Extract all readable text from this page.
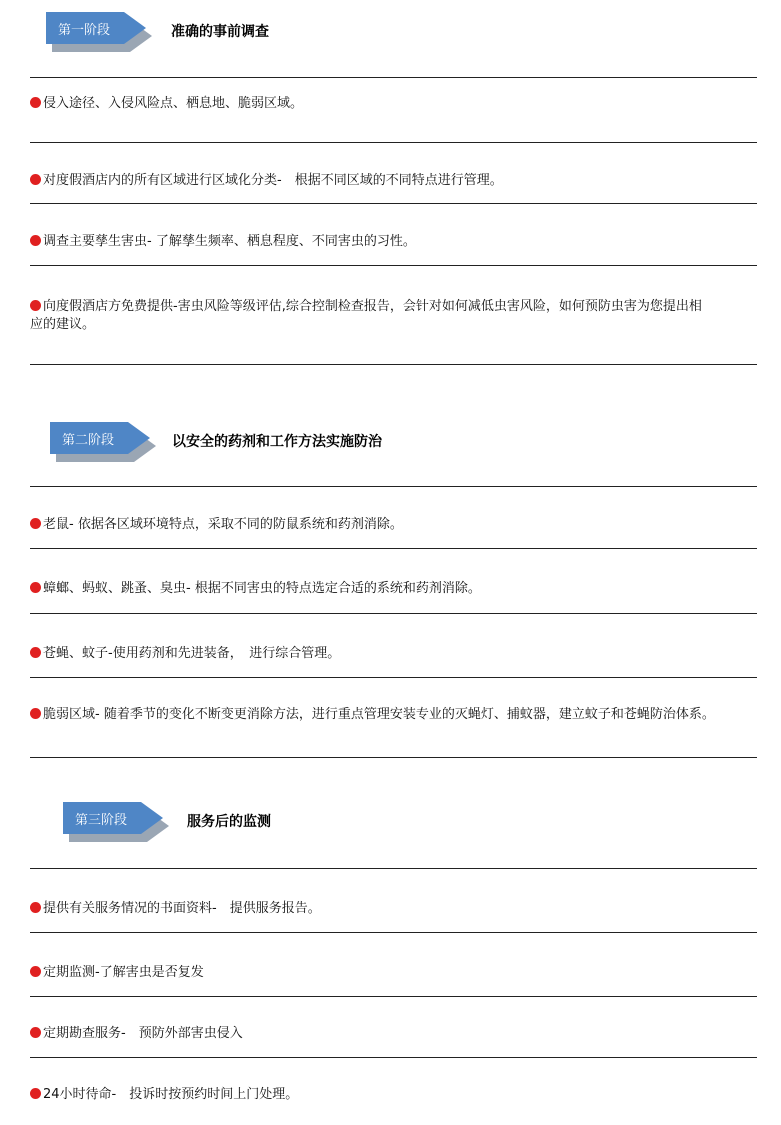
第一阶段	准确的事前调查
侵入途径、入侵风险点、栖息地、脆弱区域。
对度假酒店内的所有区域进行区域化分类-　根据不同区域的不同特点进行管理。
调查主要孳生害虫- 了解孳生频率、栖息程度、不同害虫的习性。
向度假酒店方免费提供-害虫风险等级评估,综合控制检查报告，会针对如何减低虫害风险，如何预防虫害为您提出相
应的建议。
第二阶段	以安全的药剂和工作方法实施防治
老鼠- 依据各区域环境特点，采取不同的防鼠系统和药剂消除。
蟑螂、蚂蚁、跳蚤、臭虫- 根据不同害虫的特点选定合适的系统和药剂消除。
苍蝇、蚊子-使用药剂和先进装备，　进行综合管理。
脆弱区域- 随着季节的变化不断变更消除方法，进行重点管理安装专业的灭蝇灯、捕蚊器，建立蚊子和苍蝇防治体系。
第三阶段	服务后的监测
提供有关服务情况的书面资料-　提供服务报告。
定期监测-了解害虫是否复发
定期勘查服务-　预防外部害虫侵入
24小时待命-　投诉时按预约时间上门处理。
